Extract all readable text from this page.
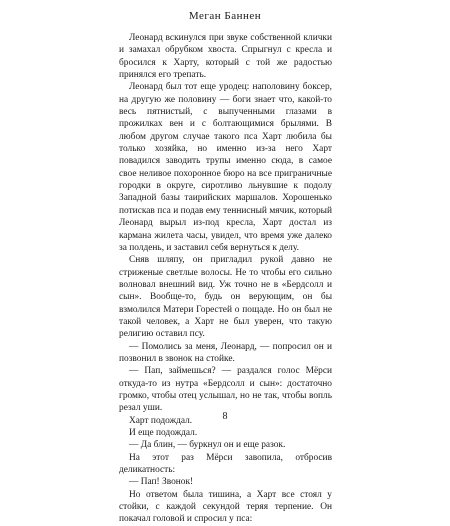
Меган Баннен

Леонард вскинулся при звуке собственной клички и замахал обрубком хвоста. Спрыгнул с кресла и бросился к Харту, который с той же радостью принялся его трепать.

Леонард был тот еще уродец: наполовину боксер, на другую же половину — боги знает что, какой-то весь пятнистый, с выпученными глазами в прожилках вен и с болтающимися брылями. В любом другом случае такого пса Харт любила бы только хозяйка, но именно из-за него Харт повадился заводить трупы именно сюда, в самое свое неливое похоронное бюро на все приграничные городки в округе, сиротливо льнувшие к подолу Западной базы таирийских маршалов. Хорошенько потискав пса и подав ему теннисный мячик, который Леонард вырыл из-под кресла, Харт достал из кармана жилета часы, увидел, что время уже далеко за полдень, и заставил себя вернуться к делу.

Сняв шляпу, он пригладил рукой давно не стриженые светлые волосы. Не то чтобы его сильно волновал внешний вид. Уж точно не в «Бердсолл и сын». Вообще-то, будь он верующим, он бы взмолился Матери Горестей о пощаде. Но он был не такой человек, а Харт не был уверен, что такую религию оставил псу.

— Помолись за меня, Леонард, — попросил он и позвонил в звонок на стойке.

— Пап, займешься? — раздался голос Мёрси откуда-то из нутра «Бердсолл и сын»: достаточно громко, чтобы отец услышал, но не так, чтобы вопль резал уши.

Харт подождал.

И еще подождал.

— Да блин, — буркнул он и еще разок.

На этот раз Мёрси завопила, отбросив деликатность:

— Пап! Звонок!

Но ответом была тишина, а Харт все стоял у стойки, с каждой секундой теряя терпение. Он покачал головой и спросил у пса:

8
